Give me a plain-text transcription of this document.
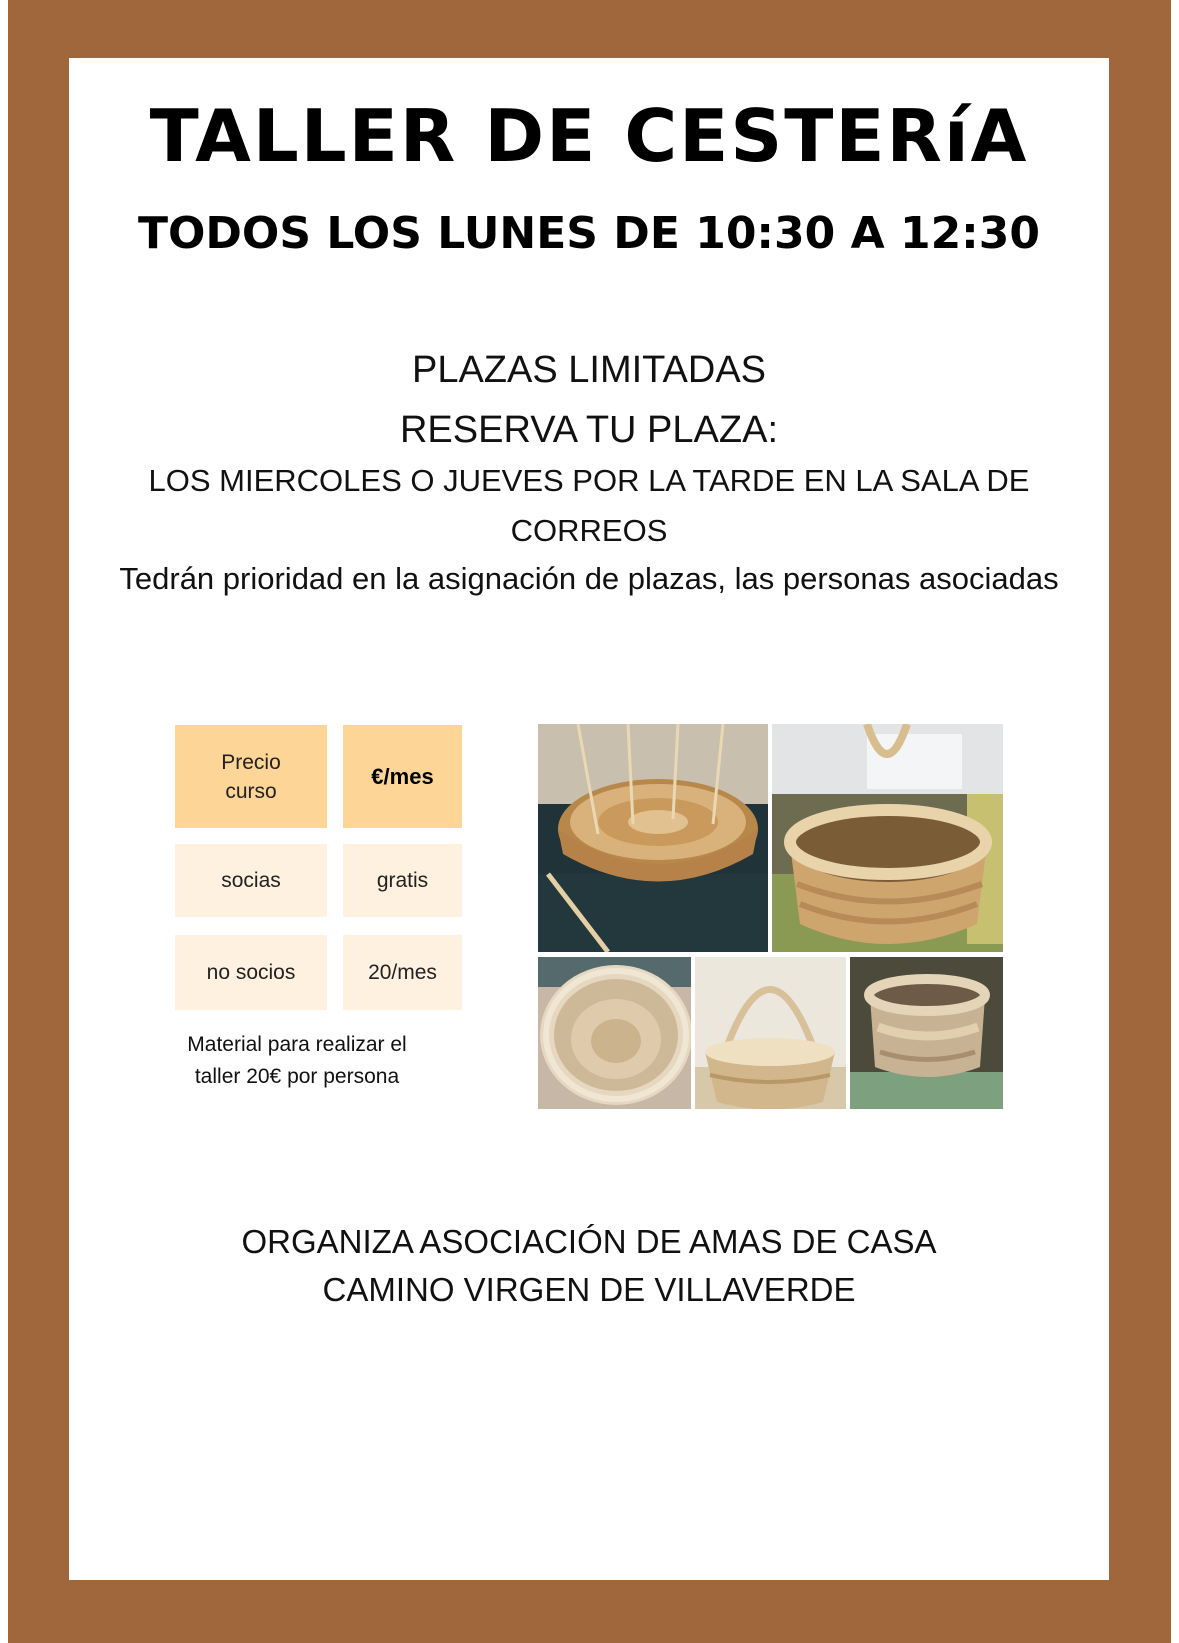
TALLER DE CESTERíA
TODOS LOS LUNES DE 10:30 A 12:30
PLAZAS LIMITADAS
RESERVA TU PLAZA:
LOS MIERCOLES O JUEVES POR LA TARDE EN LA SALA DE CORREOS
Tedrán prioridad en la asignación de plazas, las personas asociadas
Precio curso
€/mes
socias	gratis
no socios	20/mes
Material para realizar el taller 20€ por persona
ORGANIZA ASOCIACIÓN DE AMAS DE CASA
CAMINO VIRGEN DE VILLAVERDE
